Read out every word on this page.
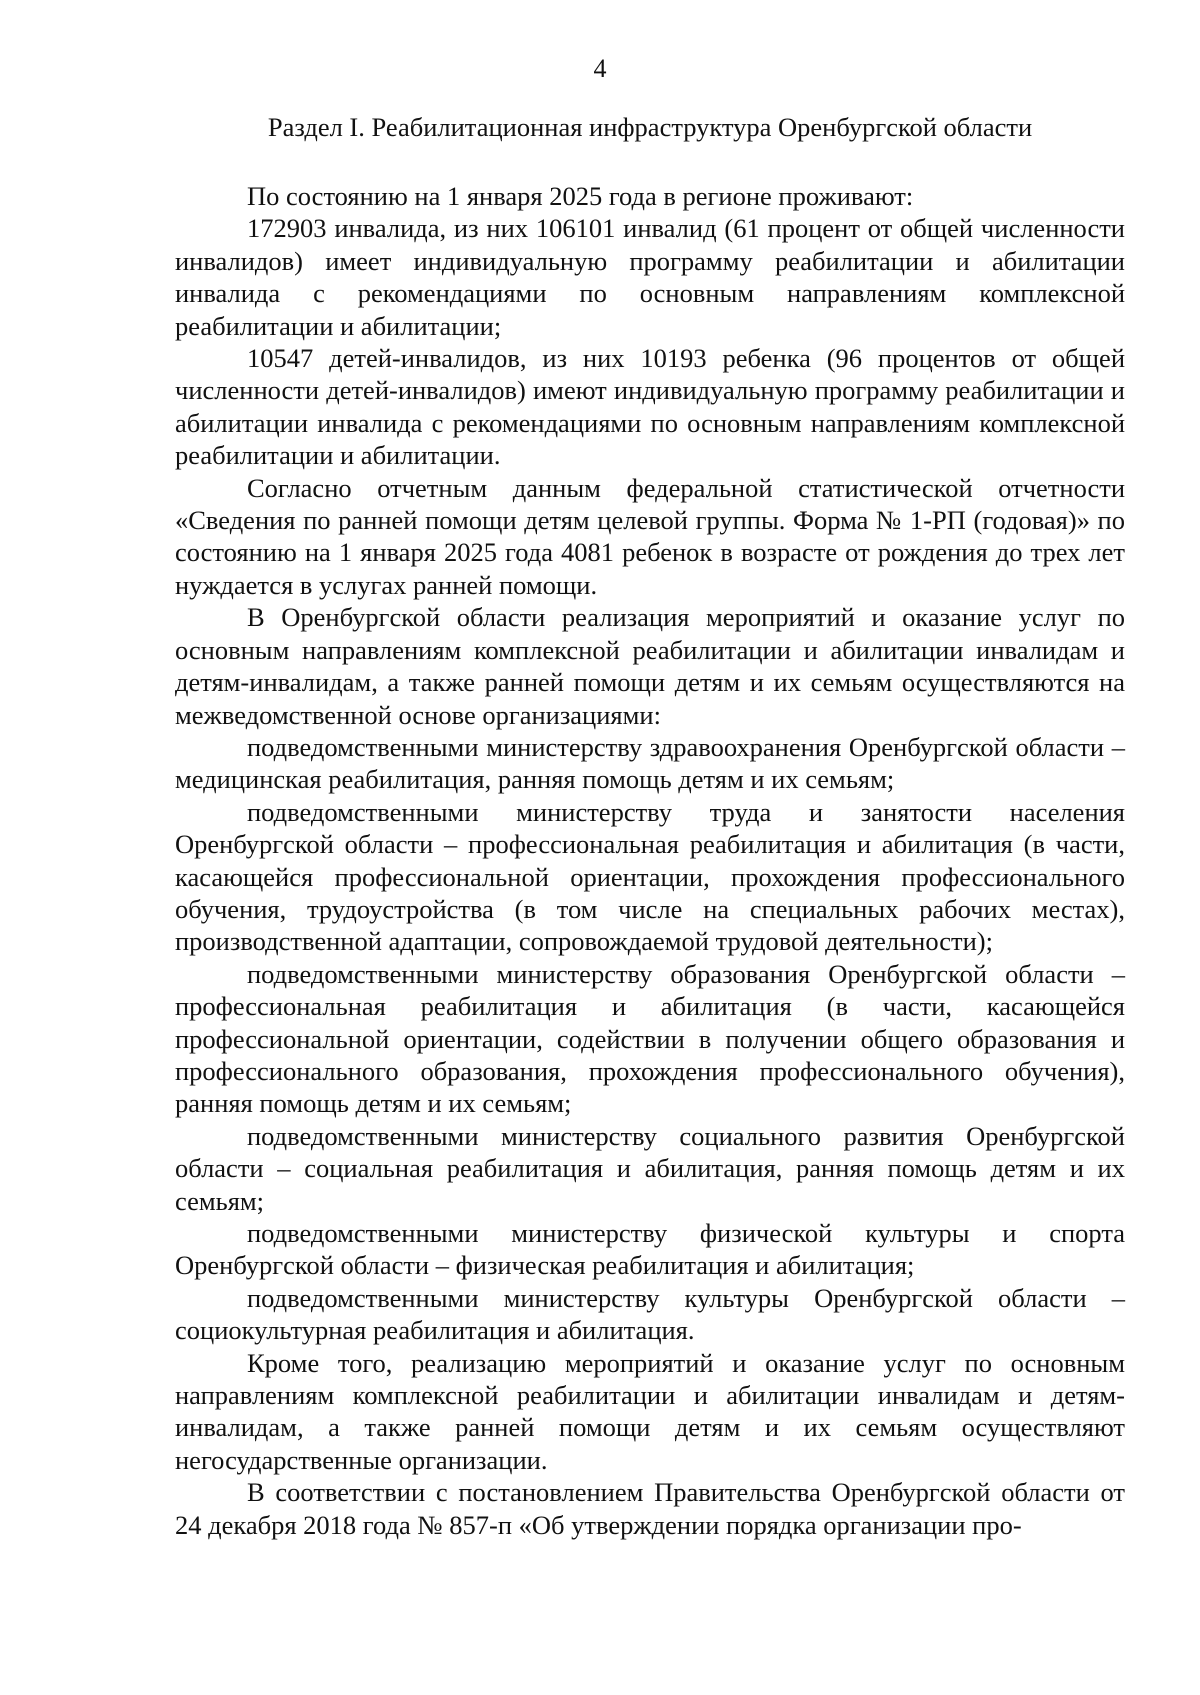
4
Раздел I. Реабилитационная инфраструктура Оренбургской области

По состоянию на 1 января 2025 года в регионе проживают:

172903 инвалида, из них 106101 инвалид (61 процент от общей численности инвалидов) имеет индивидуальную программу реабилитации и абилитации инвалида с рекомендациями по основным направлениям комплексной реабилитации и абилитации;

10547 детей-инвалидов, из них 10193 ребенка (96 процентов от общей численности детей-инвалидов) имеют индивидуальную программу реабилитации и абилитации инвалида с рекомендациями по основным направлениям комплексной реабилитации и абилитации.

Согласно отчетным данным федеральной статистической отчетности «Сведения по ранней помощи детям целевой группы. Форма № 1-РП (годовая)» по состоянию на 1 января 2025 года 4081 ребенок в возрасте от рождения до трех лет нуждается в услугах ранней помощи.

В Оренбургской области реализация мероприятий и оказание услуг по основным направлениям комплексной реабилитации и абилитации инвалидам и детям-инвалидам, а также ранней помощи детям и их семьям осуществляются на межведомственной основе организациями:

подведомственными министерству здравоохранения Оренбургской области – медицинская реабилитация, ранняя помощь детям и их семьям;

подведомственными министерству труда и занятости населения Оренбургской области – профессиональная реабилитация и абилитация (в части, касающейся профессиональной ориентации, прохождения профессионального обучения, трудоустройства (в том числе на специальных рабочих местах), производственной адаптации, сопровождаемой трудовой деятельности);

подведомственными министерству образования Оренбургской области – профессиональная реабилитация и абилитация (в части, касающейся профессиональной ориентации, содействии в получении общего образования и профессионального образования, прохождения профессионального обучения), ранняя помощь детям и их семьям;

подведомственными министерству социального развития Оренбургской области – социальная реабилитация и абилитация, ранняя помощь детям и их семьям;

подведомственными министерству физической культуры и спорта Оренбургской области – физическая реабилитация и абилитация;

подведомственными министерству культуры Оренбургской области – социокультурная реабилитация и абилитация.

Кроме того, реализацию мероприятий и оказание услуг по основным направлениям комплексной реабилитации и абилитации инвалидам и детям-инвалидам, а также ранней помощи детям и их семьям осуществляют негосударственные организации.

В соответствии с постановлением Правительства Оренбургской области от 24 декабря 2018 года № 857-п «Об утверждении порядка организации про-
